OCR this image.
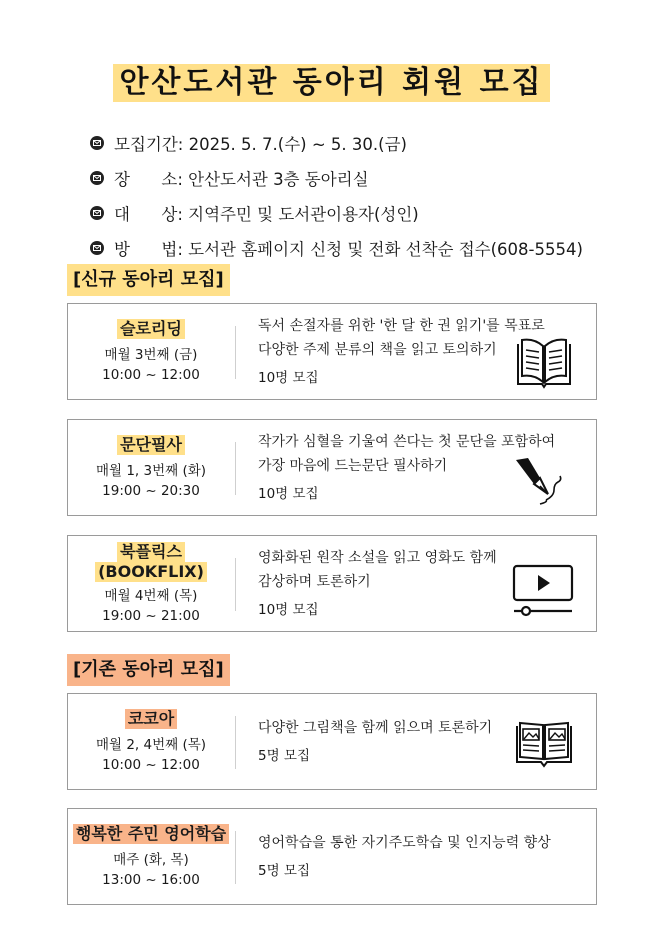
안산도서관 동아리 회원 모집
모집기간 : 2025. 5. 7.(수) ~ 5. 30.(금)
장      소 : 안산도서관 3층 동아리실
대      상 : 지역주민 및 도서관이용자(성인)
방      법 : 도서관 홈페이지 신청 및 전화 선착순 접수(608-5554)
[신규 동아리 모집]
슬로리딩
매월 3번째 (금)
10:00 ~ 12:00
독서 손절자를 위한 '한 달 한 권 읽기'를 목표로
다양한 주제 분류의 책을 읽고 토의하기
10명 모집
문단필사
매월 1, 3번째 (화)
19:00 ~ 20:30
작가가 심혈을 기울여 쓴다는 첫 문단을 포함하여
가장 마음에 드는문단 필사하기
10명 모집
북플릭스
(BOOKFLIX)
매월 4번째 (목)
19:00 ~ 21:00
영화화된 원작 소설을 읽고 영화도 함께
감상하며 토론하기
10명 모집
[기존 동아리 모집]
코코아
매월 2, 4번째 (목)
10:00 ~ 12:00
다양한 그림책을 함께 읽으며 토론하기
5명 모집
행복한 주민 영어학습
매주 (화, 목)
13:00 ~ 16:00
영어학습을 통한 자기주도학습 및 인지능력 향상
5명 모집
